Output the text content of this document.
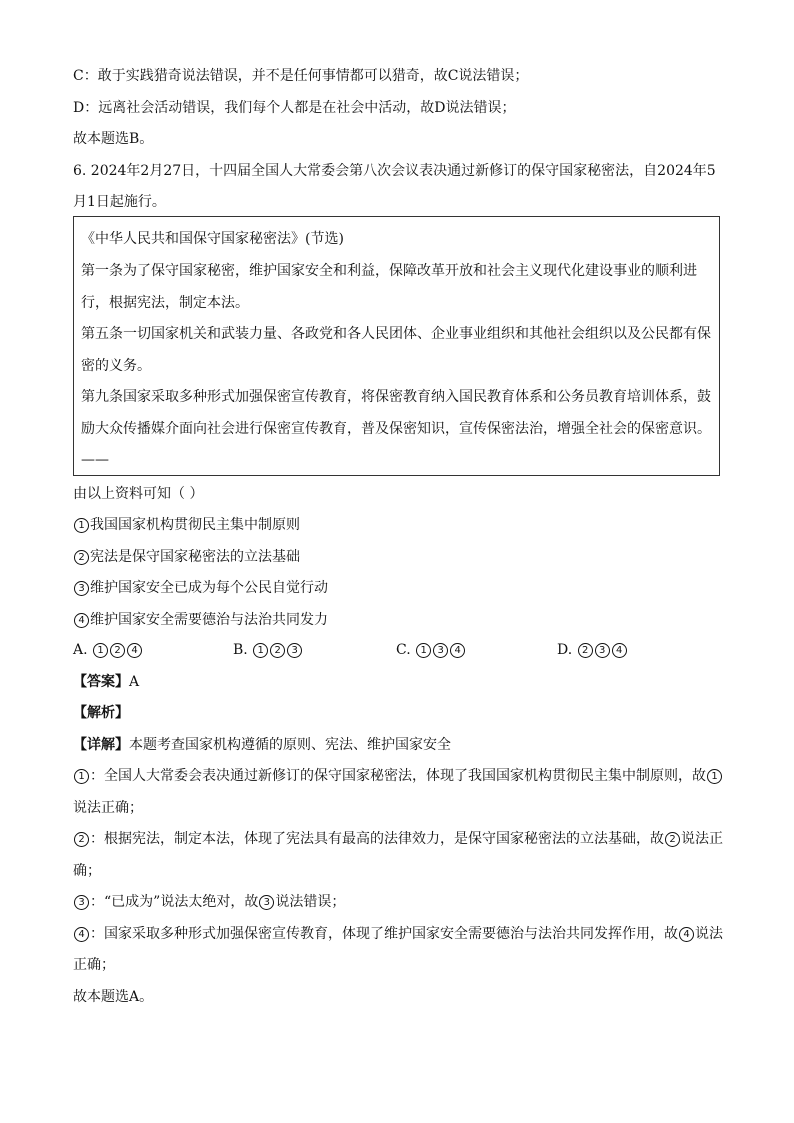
C：敢于实践猎奇说法错误，并不是任何事情都可以猎奇，故C说法错误；
D：远离社会活动错误，我们每个人都是在社会中活动，故D说法错误；
故本题选B。
6. 2024年2月27日，十四届全国人大常委会第八次会议表决通过新修订的保守国家秘密法，自2024年5
月1日起施行。
《中华人民共和国保守国家秘密法》(节选)
第一条为了保守国家秘密，维护国家安全和利益，保障改革开放和社会主义现代化建设事业的顺利进
行，根据宪法，制定本法。
第五条一切国家机关和武装力量、各政党和各人民团体、企业事业组织和其他社会组织以及公民都有保
密的义务。
第九条国家采取多种形式加强保密宣传教育，将保密教育纳入国民教育体系和公务员教育培训体系，鼓
励大众传播媒介面向社会进行保密宣传教育，普及保密知识，宣传保密法治，增强全社会的保密意识。
——
由以上资料可知（ ）
1 我国国家机构贯彻民主集中制原则
2 宪法是保守国家秘密法的立法基础
3 维护国家安全已成为每个公民自觉行动
4 维护国家安全需要德治与法治共同发力
A. 1 2 4	B. 1 2 3	C. 1 3 4	D. 2 3 4
【答案】A
【解析】
【详解】本题考查国家机构遵循的原则、宪法、维护国家安全
1 ：全国人大常委会表决通过新修订的保守国家秘密法，体现了我国国家机构贯彻民主集中制原则，故 1
说法正确；
2 ：根据宪法，制定本法，体现了宪法具有最高的法律效力，是保守国家秘密法的立法基础，故 2 说法正
确；
3 ：“已成为”说法太绝对，故 3 说法错误；
4 ：国家采取多种形式加强保密宣传教育，体现了维护国家安全需要德治与法治共同发挥作用，故 4 说法
正确；
故本题选A。
